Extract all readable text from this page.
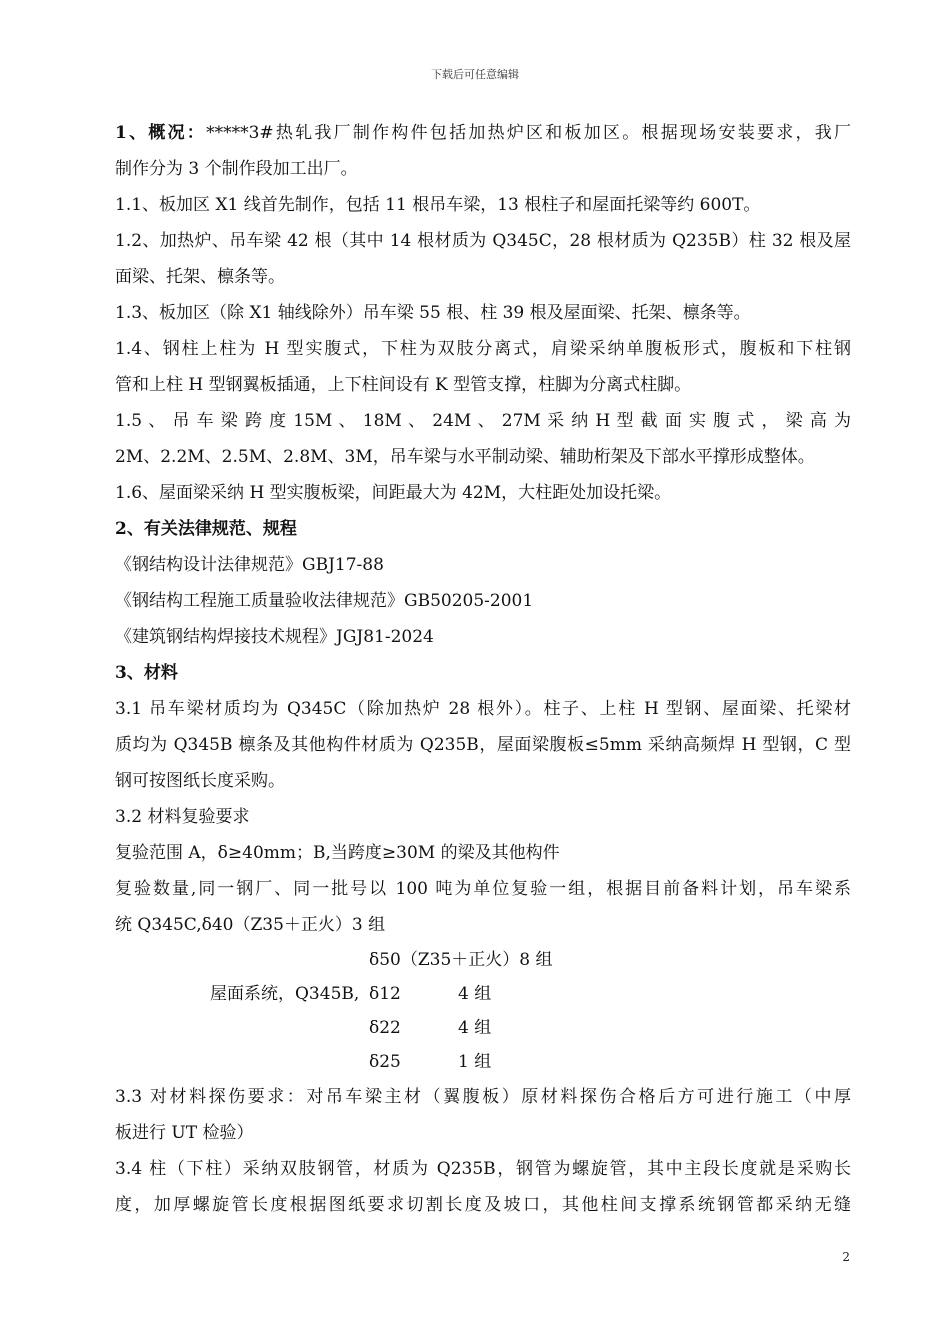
下载后可任意编辑
1、概况：*****3#热轧我厂制作构件包括加热炉区和板加区。根据现场安装要求，我厂
制作分为 3 个制作段加工出厂。
1.1、板加区 X1 线首先制作，包括 11 根吊车梁，13 根柱子和屋面托梁等约 600T。
1.2、加热炉、吊车梁 42 根（其中 14 根材质为 Q345C，28 根材质为 Q235B）柱 32 根及屋
面梁、托架、檩条等。
1.3、板加区（除 X1 轴线除外）吊车梁 55 根、柱 39 根及屋面梁、托架、檩条等。
1.4、钢柱上柱为 H 型实腹式，下柱为双肢分离式，肩梁采纳单腹板形式，腹板和下柱钢
管和上柱 H 型钢翼板插通，上下柱间设有 K 型管支撑，柱脚为分离式柱脚。
1.5 、 吊 车 梁 跨 度 15M 、 18M 、 24M 、 27M 采 纳 H 型 截 面 实 腹 式 ， 梁 高 为
2M、2.2M、2.5M、2.8M、3M，吊车梁与水平制动梁、辅助桁架及下部水平撑形成整体。
1.6、屋面梁采纳 H 型实腹板梁，间距最大为 42M，大柱距处加设托梁。
2、有关法律规范、规程
《钢结构设计法律规范》GBJ17-88
《钢结构工程施工质量验收法律规范》GB50205-2001
《建筑钢结构焊接技术规程》JGJ81-2024
3、材料
3.1 吊车梁材质均为 Q345C（除加热炉 28 根外）。柱子、上柱 H 型钢、屋面梁、托梁材
质均为 Q345B 檩条及其他构件材质为 Q235B，屋面梁腹板≤5mm 采纳高频焊 H 型钢，C 型
钢可按图纸长度采购。
3.2 材料复验要求
复验范围 A，δ≥40mm；B,当跨度≥30M 的梁及其他构件
复验数量,同一钢厂、同一批号以 100 吨为单位复验一组，根据目前备料计划，吊车梁系
统 Q345C,δ40（Z35＋正火）3 组
δ50（Z35＋正火）8 组
屋面系统，Q345B, δ12	4 组
δ22	4 组
δ25	1 组
3.3 对材料探伤要求：对吊车梁主材（翼腹板）原材料探伤合格后方可进行施工（中厚
板进行 UT 检验）
3.4 柱（下柱）采纳双肢钢管，材质为 Q235B，钢管为螺旋管，其中主段长度就是采购长
度，加厚螺旋管长度根据图纸要求切割长度及坡口，其他柱间支撑系统钢管都采纳无缝
2
